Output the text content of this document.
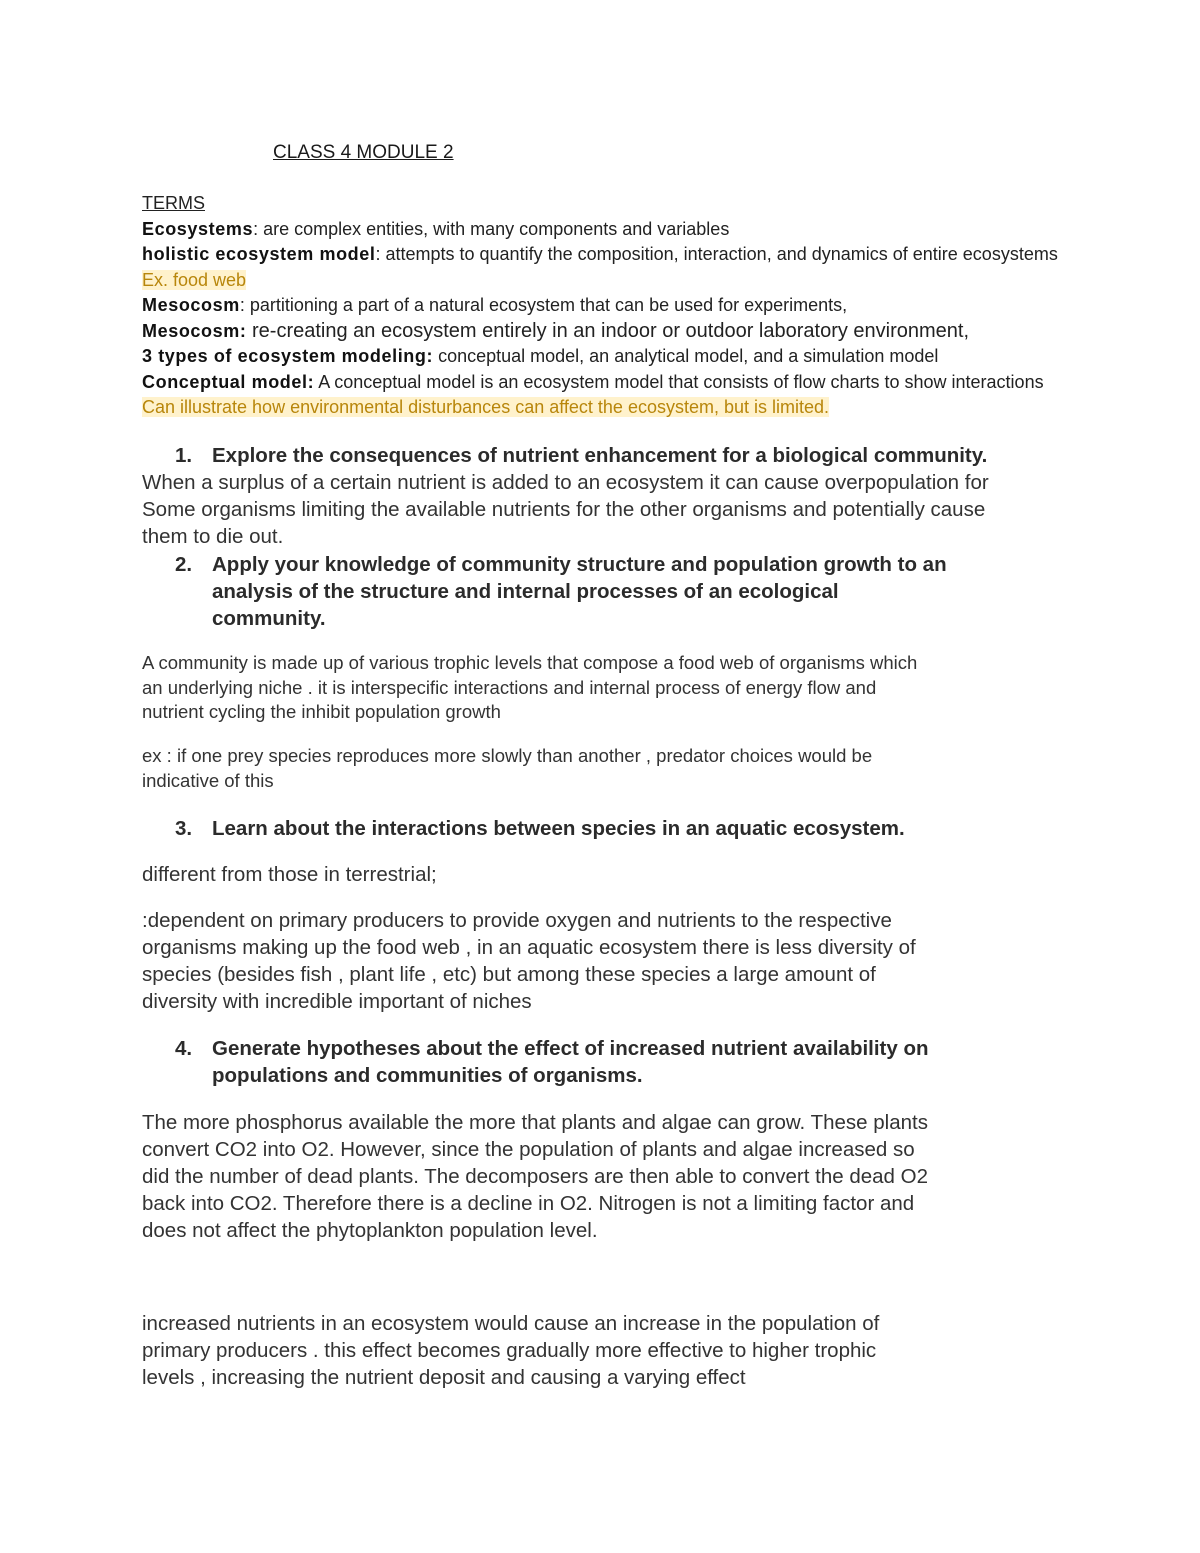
CLASS 4 MODULE 2
TERMS
Ecosystems: are complex entities, with many components and variables
holistic ecosystem model: attempts to quantify the composition, interaction, and dynamics of entire ecosystems
Ex. food web
Mesocosm: partitioning a part of a natural ecosystem that can be used for experiments,
Mesocosm: re-creating an ecosystem entirely in an indoor or outdoor laboratory environment,
3 types of ecosystem modeling: conceptual model, an analytical model, and a simulation model
Conceptual model: A conceptual model is an ecosystem model that consists of flow charts to show interactions
Can illustrate how environmental disturbances can affect the ecosystem, but is limited.
1. Explore the consequences of nutrient enhancement for a biological community.
When a surplus of a certain nutrient is added to an ecosystem it can cause overpopulation for
Some organisms limiting the available nutrients for the other organisms and potentially cause
them to die out.
2. Apply your knowledge of community structure and population growth to an
analysis of the structure and internal processes of an ecological
community.
A community is made up of various trophic levels that compose a food web of organisms which
an underlying niche . it is interspecific interactions and internal process of energy flow and
nutrient cycling the inhibit population growth
ex : if one prey species reproduces more slowly than another , predator choices would be
indicative of this
3. Learn about the interactions between species in an aquatic ecosystem.
different from those in terrestrial;
:dependent on primary producers to provide oxygen and nutrients to the respective
organisms making up the food web , in an aquatic ecosystem there is less diversity of
species (besides fish , plant life , etc) but among these species a large amount of
diversity with incredible important of niches
4. Generate hypotheses about the effect of increased nutrient availability on
populations and communities of organisms.
The more phosphorus available the more that plants and algae can grow. These plants
convert CO2 into O2. However, since the population of plants and algae increased so
did the number of dead plants. The decomposers are then able to convert the dead O2
back into CO2. Therefore there is a decline in O2. Nitrogen is not a limiting factor and
does not affect the phytoplankton population level.
increased nutrients in an ecosystem would cause an increase in the population of
primary producers . this effect becomes gradually more effective to higher trophic
levels , increasing the nutrient deposit and causing a varying effect
